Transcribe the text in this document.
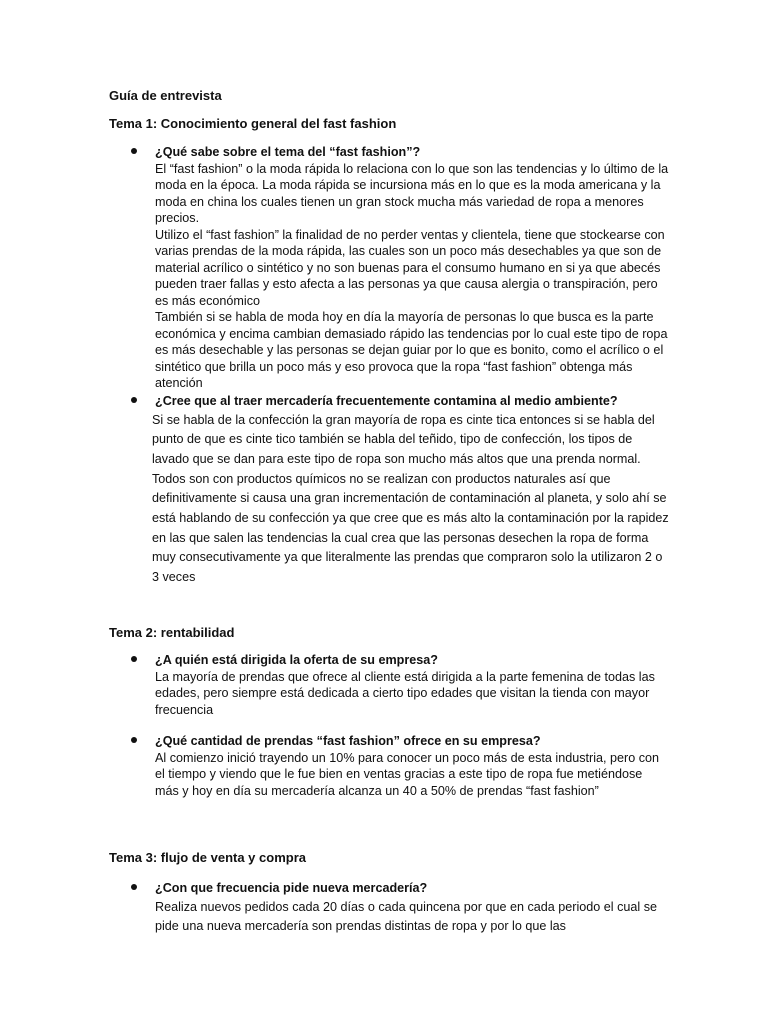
Guía de entrevista

Tema 1: Conocimiento general del fast fashion

¿Qué sabe sobre el tema del “fast fashion”?

El “fast fashion” o la moda rápida lo relaciona con lo que son las tendencias y lo último de la moda en la época. La moda rápida se incursiona más en lo que es la moda americana y la moda en china los cuales tienen un gran stock mucha más variedad de ropa a menores precios.

Utilizo el “fast fashion” la finalidad de no perder ventas y clientela, tiene que stockearse con varias prendas de la moda rápida, las cuales son un poco más desechables ya que son de material acrílico o sintético y no son buenas para el consumo humano en si ya que abecés pueden traer fallas y esto afecta a las personas ya que causa alergia o transpiración, pero es más económico

También si se habla de moda hoy en día la mayoría de personas lo que busca es la parte económica y encima cambian demasiado rápido las tendencias por lo cual este tipo de ropa es más desechable y las personas se dejan guiar por lo que es bonito, como el acrílico o el sintético que brilla un poco más y eso provoca que la ropa “fast fashion” obtenga más atención

¿Cree que al traer mercadería frecuentemente contamina al medio ambiente?

Si se habla de la confección la gran mayoría de ropa es cinte tica entonces si se habla del punto de que es cinte tico también se habla del teñido, tipo de confección, los tipos de lavado que se dan para este tipo de ropa son mucho más altos que una prenda normal.

Todos son con productos químicos no se realizan con productos naturales así que definitivamente si causa una gran incrementación de contaminación al planeta, y solo ahí se está hablando de su confección ya que cree que es más alto la contaminación por la rapidez en las que salen las tendencias la cual crea que las personas desechen la ropa de forma muy consecutivamente ya que literalmente las prendas que compraron solo la utilizaron 2 o 3 veces

Tema 2: rentabilidad

¿A quién está dirigida la oferta de su empresa?

La mayoría de prendas que ofrece al cliente está dirigida a la parte femenina de todas las edades, pero siempre está dedicada a cierto tipo edades que visitan la tienda con mayor frecuencia

¿Qué cantidad de prendas “fast fashion” ofrece en su empresa?

Al comienzo inició trayendo un 10% para conocer un poco más de esta industria, pero con el tiempo y viendo que le fue bien en ventas gracias a este tipo de ropa fue metiéndose más y hoy en día su mercadería alcanza un 40 a 50% de prendas “fast fashion”

Tema 3: flujo de venta y compra

¿Con que frecuencia pide nueva mercadería?

Realiza nuevos pedidos cada 20 días o cada quincena por que en cada periodo el cual se pide una nueva mercadería son prendas distintas de ropa y por lo que las
